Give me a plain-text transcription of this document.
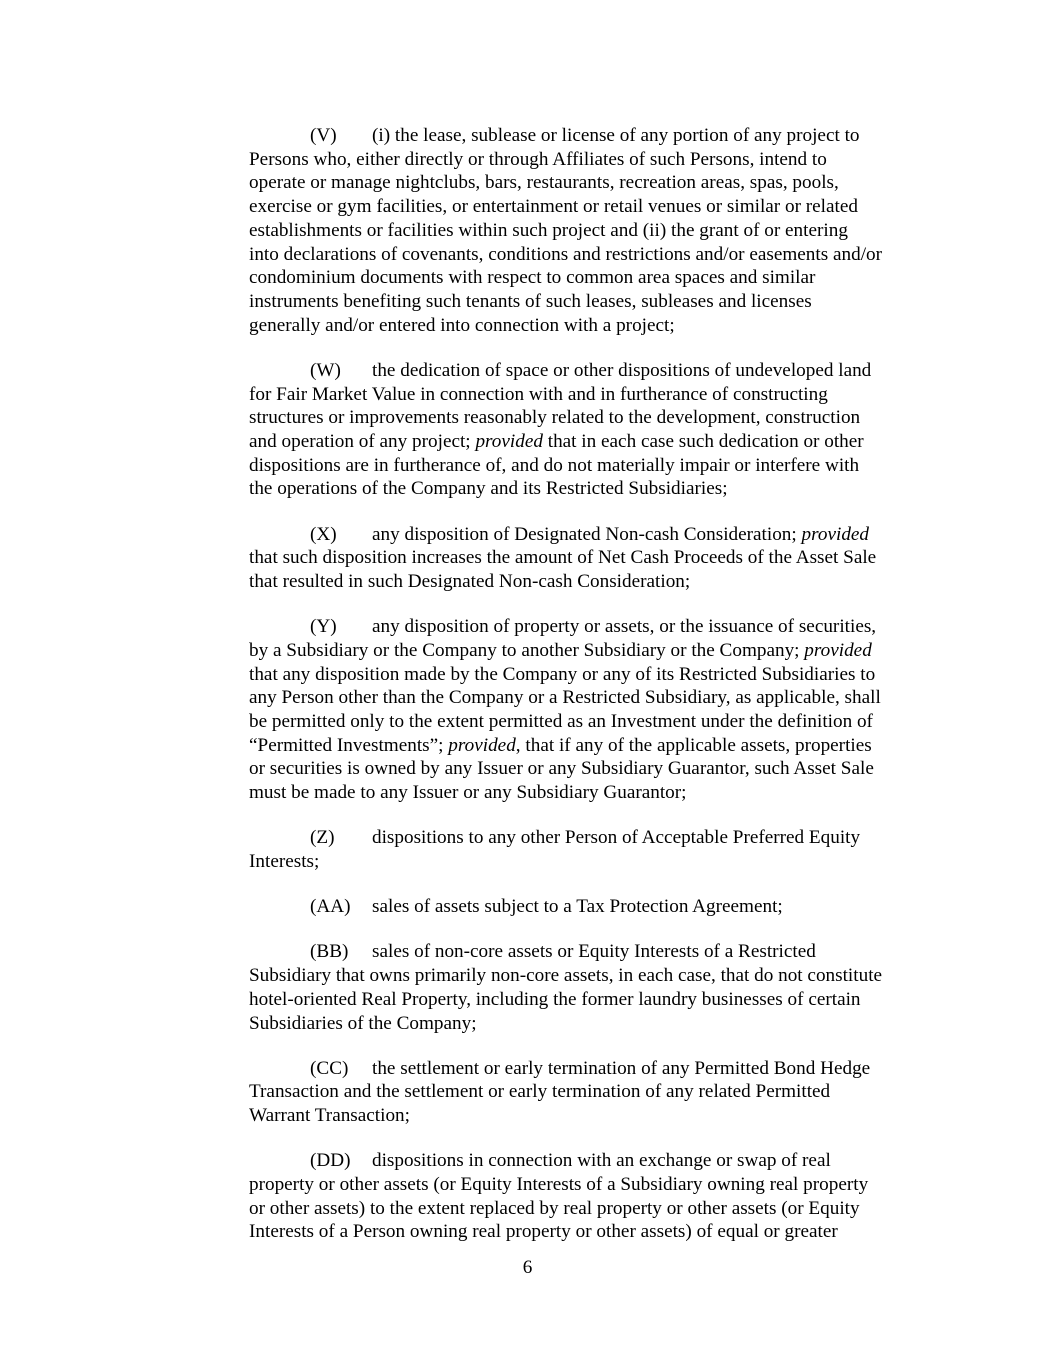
(V) (i) the lease, sublease or license of any portion of any project to
Persons who, either directly or through Affiliates of such Persons, intend to
operate or manage nightclubs, bars, restaurants, recreation areas, spas, pools,
exercise or gym facilities, or entertainment or retail venues or similar or related
establishments or facilities within such project and (ii) the grant of or entering
into declarations of covenants, conditions and restrictions and/or easements and/or
condominium documents with respect to common area spaces and similar
instruments benefiting such tenants of such leases, subleases and licenses
generally and/or entered into connection with a project;
(W) the dedication of space or other dispositions of undeveloped land
for Fair Market Value in connection with and in furtherance of constructing
structures or improvements reasonably related to the development, construction
and operation of any project; provided that in each case such dedication or other
dispositions are in furtherance of, and do not materially impair or interfere with
the operations of the Company and its Restricted Subsidiaries;
(X) any disposition of Designated Non-cash Consideration; provided
that such disposition increases the amount of Net Cash Proceeds of the Asset Sale
that resulted in such Designated Non-cash Consideration;
(Y) any disposition of property or assets, or the issuance of securities,
by a Subsidiary or the Company to another Subsidiary or the Company; provided
that any disposition made by the Company or any of its Restricted Subsidiaries to
any Person other than the Company or a Restricted Subsidiary, as applicable, shall
be permitted only to the extent permitted as an Investment under the definition of
“Permitted Investments”; provided, that if any of the applicable assets, properties
or securities is owned by any Issuer or any Subsidiary Guarantor, such Asset Sale
must be made to any Issuer or any Subsidiary Guarantor;
(Z) dispositions to any other Person of Acceptable Preferred Equity
Interests;
(AA) sales of assets subject to a Tax Protection Agreement;
(BB) sales of non-core assets or Equity Interests of a Restricted
Subsidiary that owns primarily non-core assets, in each case, that do not constitute
hotel-oriented Real Property, including the former laundry businesses of certain
Subsidiaries of the Company;
(CC) the settlement or early termination of any Permitted Bond Hedge
Transaction and the settlement or early termination of any related Permitted
Warrant Transaction;
(DD) dispositions in connection with an exchange or swap of real
property or other assets (or Equity Interests of a Subsidiary owning real property
or other assets) to the extent replaced by real property or other assets (or Equity
Interests of a Person owning real property or other assets) of equal or greater
6
